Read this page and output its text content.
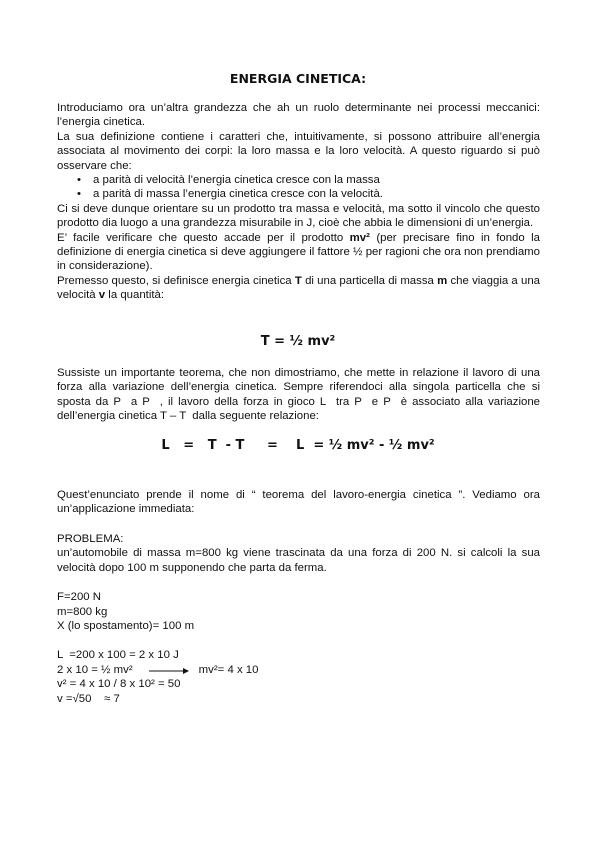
ENERGIA CINETICA:

Introduciamo ora un’altra grandezza che ah un ruolo determinante nei processi meccanici: l’energia cinetica.

La sua definizione contiene i caratteri che, intuitivamente, si possono attribuire all’energia associata al movimento dei corpi: la loro massa e la loro velocità. A questo riguardo si può osservare che:

• a parità di velocità l’energia cinetica cresce con la massa
• a parità di massa l’energia cinetica cresce con la velocità.

Ci si deve dunque orientare su un prodotto tra massa e velocità, ma sotto il vincolo che questo prodotto dia luogo a una grandezza misurabile in J, cioè che abbia le dimensioni di un’energia.

E’ facile verificare che questo accade per il prodotto mv² (per precisare fino in fondo la definizione di energia cinetica si deve aggiungere il fattore ½ per ragioni che ora non prendiamo in considerazione).

Premesso questo, si definisce energia cinetica T di una particella di massa m che viaggia a una velocità v la quantità:

T = ½ mv²

Sussiste un importante teorema, che non dimostriamo, che mette in relazione il lavoro di una forza alla variazione dell’energia cinetica. Sempre riferendoci alla singola particella che si sposta da P  a P  , il lavoro della forza in gioco L  tra P  e P  è associato alla variazione dell’energia cinetica T – T  dalla seguente relazione:

L   =   T  - T     =    L  = ½ mv² - ½ mv²

Quest’enunciato prende il nome di “ teorema del lavoro-energia cinetica ”. Vediamo ora un’applicazione immediata:

PROBLEMA:

un’automobile di massa m=800 kg viene trascinata da una forza di 200 N. si calcoli la sua velocità dopo 100 m supponendo che parta da ferma.

F=200 N

m=800 kg

X (lo spostamento)= 100 m

L  =200 x 100 = 2 x 10 J

2 x 10 = ½ mv²	mv²= 4 x 10

v² = 4 x 10 / 8 x 10² = 50

v =√50    ≈ 7
